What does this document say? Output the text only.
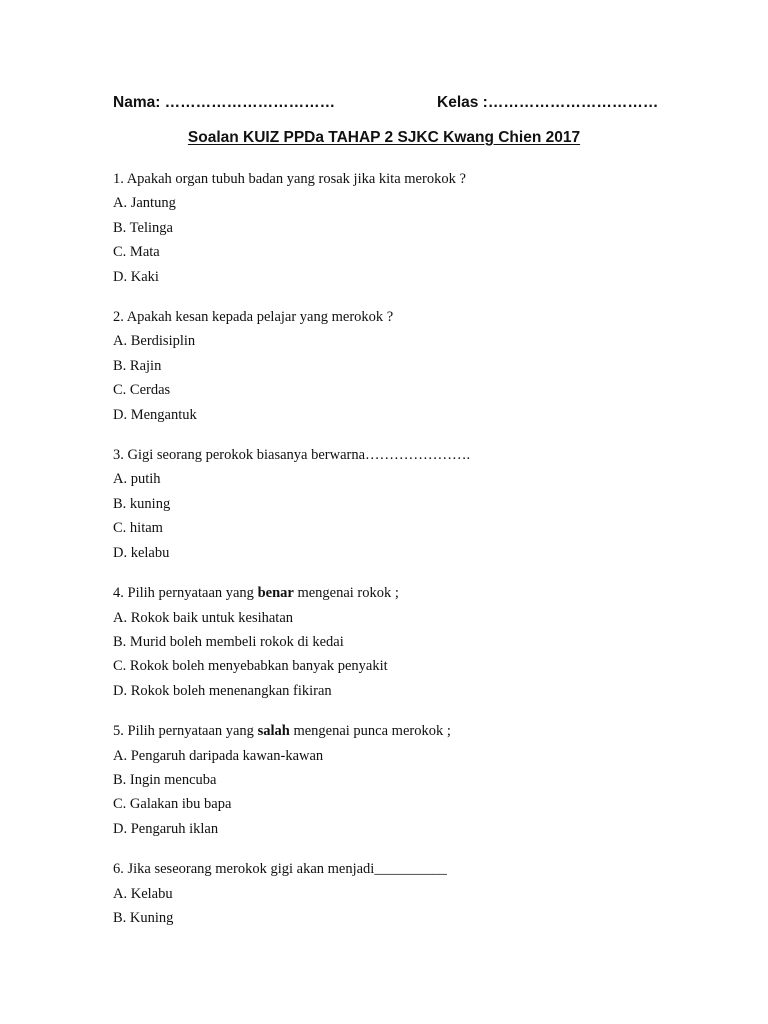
Nama: ……………………………	Kelas :……………………………
Soalan KUIZ PPDa TAHAP 2 SJKC Kwang Chien 2017
1. Apakah organ tubuh badan yang rosak jika kita merokok ?
A. Jantung
B. Telinga
C. Mata
D. Kaki
2. Apakah kesan kepada pelajar yang merokok ?
A. Berdisiplin
B. Rajin
C. Cerdas
D. Mengantuk
3. Gigi seorang perokok biasanya berwarna………………….
A. putih
B. kuning
C. hitam
D. kelabu
4. Pilih pernyataan yang benar mengenai rokok ;
A. Rokok baik untuk kesihatan
B. Murid boleh membeli rokok di kedai
C. Rokok boleh menyebabkan banyak penyakit
D. Rokok boleh menenangkan fikiran
5. Pilih pernyataan yang salah mengenai punca merokok ;
A. Pengaruh daripada kawan-kawan
B. Ingin mencuba
C. Galakan ibu bapa
D. Pengaruh iklan
6. Jika seseorang merokok gigi akan menjadi__________
A. Kelabu
B. Kuning
